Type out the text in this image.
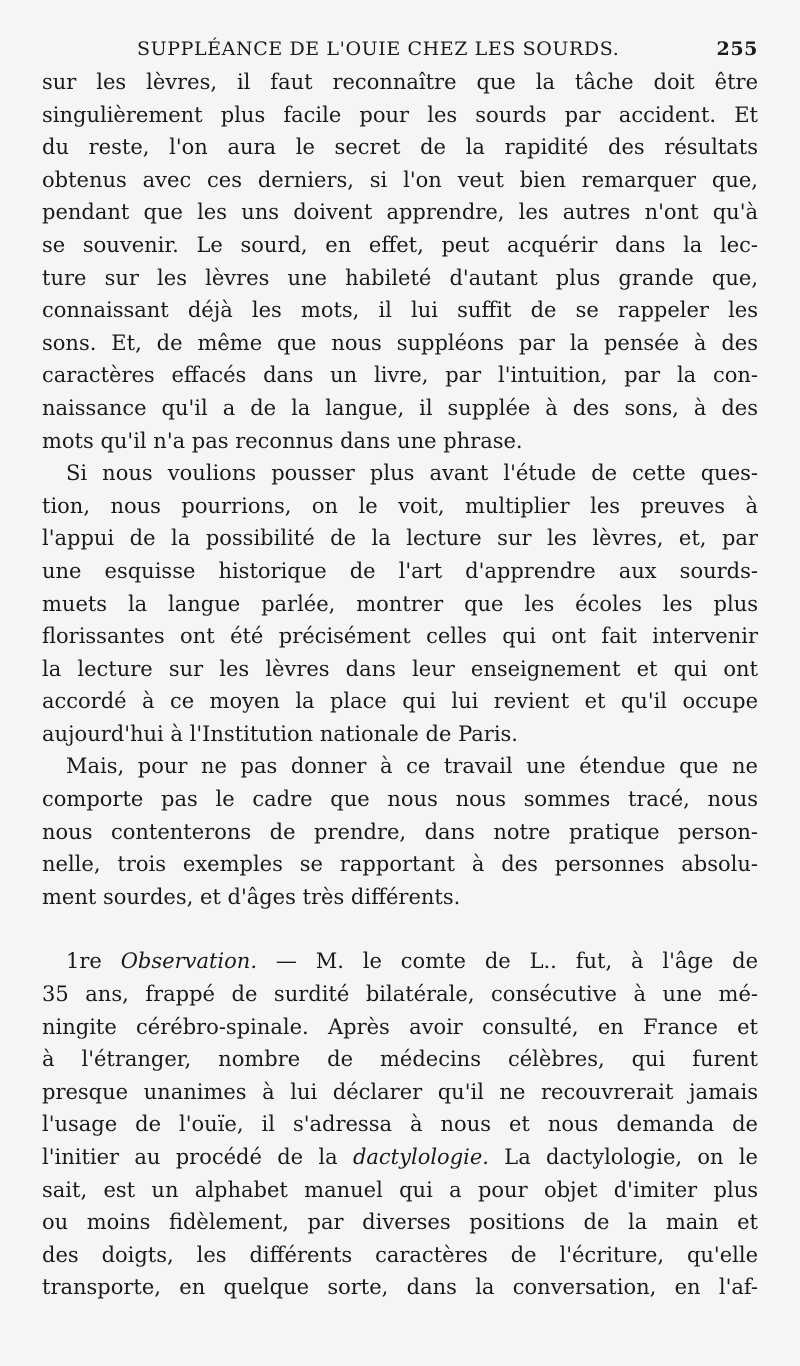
SUPPLÉANCE DE L'OUIE CHEZ LES SOURDS.	255
sur les lèvres, il faut reconnaître que la tâche doit être
singulièrement plus facile pour les sourds par accident. Et
du reste, l'on aura le secret de la rapidité des résultats
obtenus avec ces derniers, si l'on veut bien remarquer que,
pendant que les uns doivent apprendre, les autres n'ont qu'à
se souvenir. Le sourd, en effet, peut acquérir dans la lec-
ture sur les lèvres une habileté d'autant plus grande que,
connaissant déjà les mots, il lui suffit de se rappeler les
sons. Et, de même que nous suppléons par la pensée à des
caractères effacés dans un livre, par l'intuition, par la con-
naissance qu'il a de la langue, il supplée à des sons, à des
mots qu'il n'a pas reconnus dans une phrase.
Si nous voulions pousser plus avant l'étude de cette ques-
tion, nous pourrions, on le voit, multiplier les preuves à
l'appui de la possibilité de la lecture sur les lèvres, et, par
une esquisse historique de l'art d'apprendre aux sourds-
muets la langue parlée, montrer que les écoles les plus
florissantes ont été précisément celles qui ont fait intervenir
la lecture sur les lèvres dans leur enseignement et qui ont
accordé à ce moyen la place qui lui revient et qu'il occupe
aujourd'hui à l'Institution nationale de Paris.
Mais, pour ne pas donner à ce travail une étendue que ne
comporte pas le cadre que nous nous sommes tracé, nous
nous contenterons de prendre, dans notre pratique person-
nelle, trois exemples se rapportant à des personnes absolu-
ment sourdes, et d'âges très différents.
1re Observation. — M. le comte de L.. fut, à l'âge de
35 ans, frappé de surdité bilatérale, consécutive à une mé-
ningite cérébro-spinale. Après avoir consulté, en France et
à l'étranger, nombre de médecins célèbres, qui furent
presque unanimes à lui déclarer qu'il ne recouvrerait jamais
l'usage de l'ouïe, il s'adressa à nous et nous demanda de
l'initier au procédé de la dactylologie. La dactylologie, on le
sait, est un alphabet manuel qui a pour objet d'imiter plus
ou moins fidèlement, par diverses positions de la main et
des doigts, les différents caractères de l'écriture, qu'elle
transporte, en quelque sorte, dans la conversation, en l'af-
